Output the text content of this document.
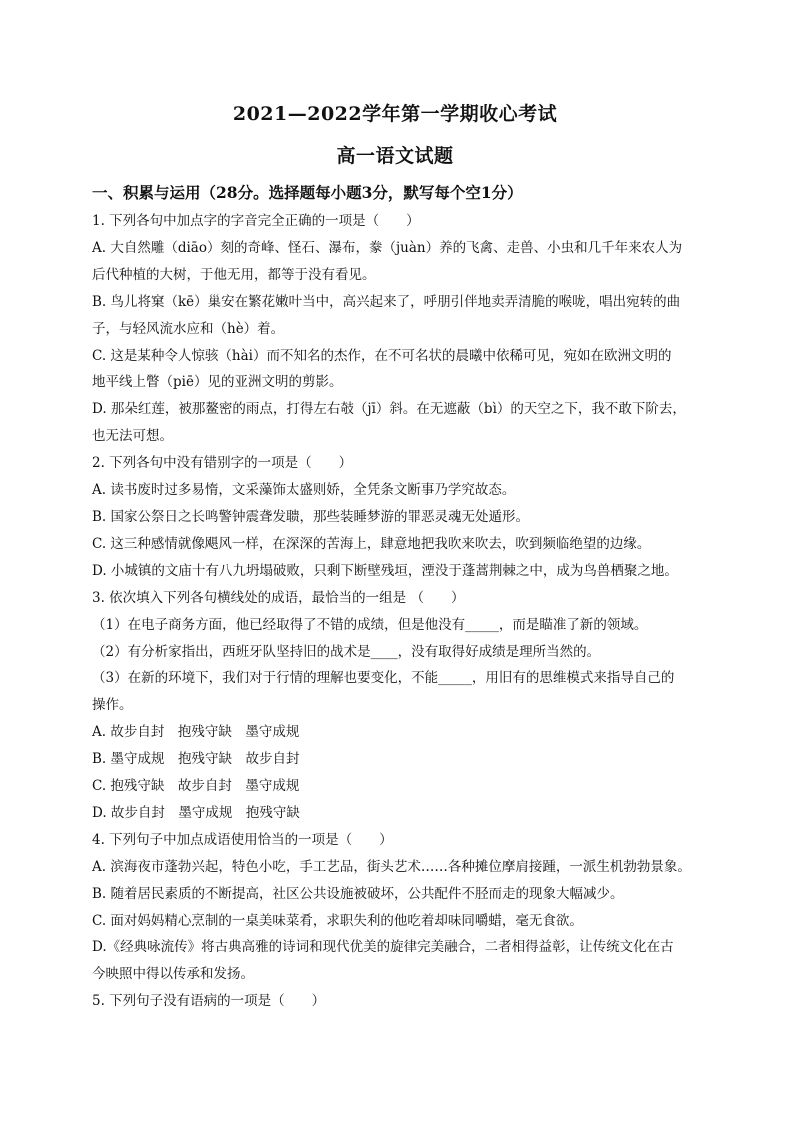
2021—2022学年第一学期收心考试

高一语文试题

一、积累与运用（28分。选择题每小题3分，默写每个空1分）

1. 下列各句中加点字的字音完全正确的一项是（　　）

A. 大自然雕（diāo）刻的奇峰、怪石、瀑布，豢（juàn）养的飞禽、走兽、小虫和几千年来农人为

后代种植的大树，于他无用，都等于没有看见。

B. 鸟儿将窠（kē）巢安在繁花嫩叶当中，高兴起来了，呼朋引伴地卖弄清脆的喉咙，唱出宛转的曲

子，与轻风流水应和（hè）着。

C. 这是某种令人惊骇（hài）而不知名的杰作，在不可名状的晨曦中依稀可见，宛如在欧洲文明的

地平线上瞥（piē）见的亚洲文明的剪影。

D. 那朵红莲，被那鳌密的雨点，打得左右攲（jī）斜。在无遮蔽（bì）的天空之下，我不敢下阶去，

也无法可想。

2. 下列各句中没有错别字的一项是（　　）

A. 读书废时过多易惰，文采藻饰太盛则娇，全凭条文断事乃学究故态。

B. 国家公祭日之长鸣警钟震聋发聩，那些装睡梦游的罪恶灵魂无处遁形。

C. 这三种感情就像飓风一样，在深深的苦海上，肆意地把我吹来吹去，吹到频临绝望的边缘。

D. 小城镇的文庙十有八九坍塌破败，只剩下断壁残垣，湮没于蓬蒿荆棘之中，成为鸟兽栖聚之地。

3. 依次填入下列各句横线处的成语，最恰当的一组是 （　　）

（1）在电子商务方面，他已经取得了不错的成绩，但是他没有_____，而是瞄准了新的领域。

（2）有分析家指出，西班牙队坚持旧的战术是____，没有取得好成绩是理所当然的。

（3）在新的环境下，我们对于行情的理解也要变化，不能_____，用旧有的思维模式来指导自己的

操作。

A. 故步自封　抱残守缺　墨守成规

B. 墨守成规　抱残守缺　故步自封

C. 抱残守缺　故步自封　墨守成规

D. 故步自封　墨守成规　抱残守缺

4. 下列句子中加点成语使用恰当的一项是（　　）

A. 滨海夜市蓬勃兴起，特色小吃，手工艺品，街头艺术……各种摊位摩肩接踵，一派生机勃勃景象。

B. 随着居民素质的不断提高，社区公共设施被破坏，公共配件不胫而走的现象大幅减少。

C. 面对妈妈精心烹制的一桌美味菜肴，求职失利的他吃着却味同嚼蜡，毫无食欲。

D.《经典咏流传》将古典高雅的诗词和现代优美的旋律完美融合，二者相得益彰，让传统文化在古

今映照中得以传承和发扬。

5. 下列句子没有语病的一项是（　　）
